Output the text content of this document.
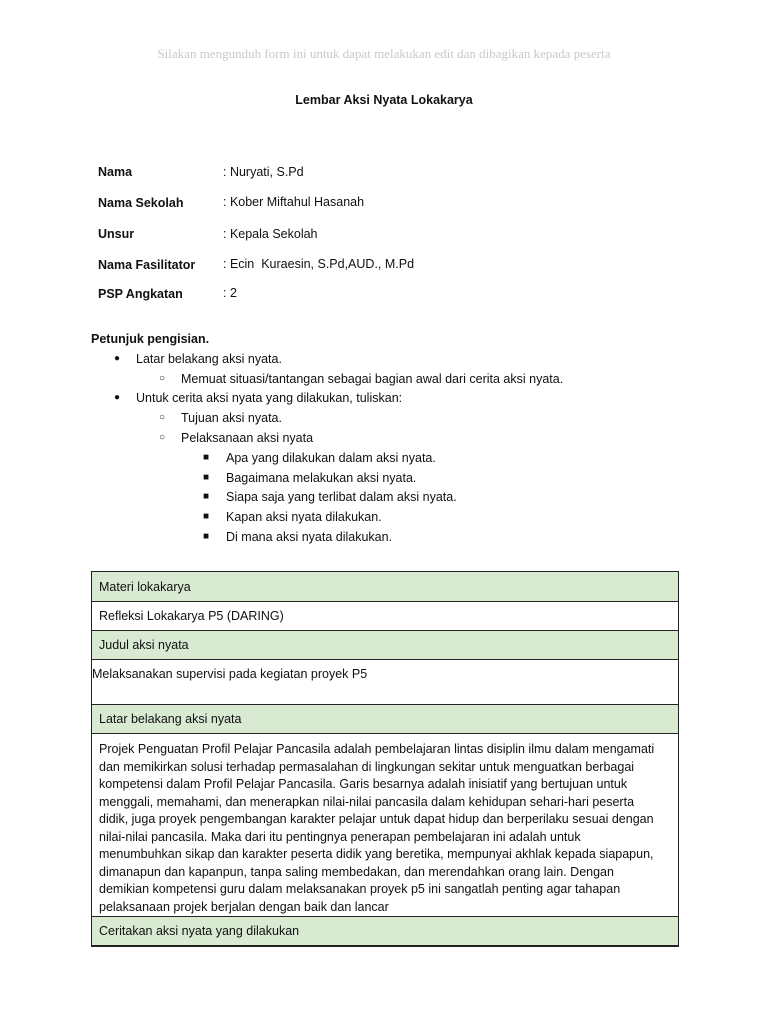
Silakan mengunduh form ini untuk dapat melakukan edit dan dibagikan kepada peserta
Lembar Aksi Nyata Lokakarya
Nama	: Nuryati, S.Pd
Nama Sekolah	: Kober Miftahul Hasanah
Unsur	: Kepala Sekolah
Nama Fasilitator : Ecin  Kuraesin, S.Pd,AUD., M.Pd
PSP Angkatan	: 2
Petunjuk pengisian.
● Latar belakang aksi nyata.
○ Memuat situasi/tantangan sebagai bagian awal dari cerita aksi nyata.
● Untuk cerita aksi nyata yang dilakukan, tuliskan:
○ Tujuan aksi nyata.
○ Pelaksanaan aksi nyata
■ Apa yang dilakukan dalam aksi nyata.
■ Bagaimana melakukan aksi nyata.
■ Siapa saja yang terlibat dalam aksi nyata.
■ Kapan aksi nyata dilakukan.
■ Di mana aksi nyata dilakukan.
Materi lokakarya
Refleksi Lokakarya P5 (DARING)
Judul aksi nyata
Melaksanakan supervisi pada kegiatan proyek P5
Latar belakang aksi nyata
Projek Penguatan Profil Pelajar Pancasila adalah pembelajaran lintas disiplin ilmu dalam mengamati
dan memikirkan solusi terhadap permasalahan di lingkungan sekitar untuk menguatkan berbagai
kompetensi dalam Profil Pelajar Pancasila. Garis besarnya adalah inisiatif yang bertujuan untuk
menggali, memahami, dan menerapkan nilai-nilai pancasila dalam kehidupan sehari-hari peserta
didik, juga proyek pengembangan karakter pelajar untuk dapat hidup dan berperilaku sesuai dengan
nilai-nilai pancasila. Maka dari itu pentingnya penerapan pembelajaran ini adalah untuk
menumbuhkan sikap dan karakter peserta didik yang beretika, mempunyai akhlak kepada siapapun,
dimanapun dan kapanpun, tanpa saling membedakan, dan merendahkan orang lain. Dengan
demikian kompetensi guru dalam melaksanakan proyek p5 ini sangatlah penting agar tahapan
pelaksanaan projek berjalan dengan baik dan lancar
Ceritakan aksi nyata yang dilakukan
